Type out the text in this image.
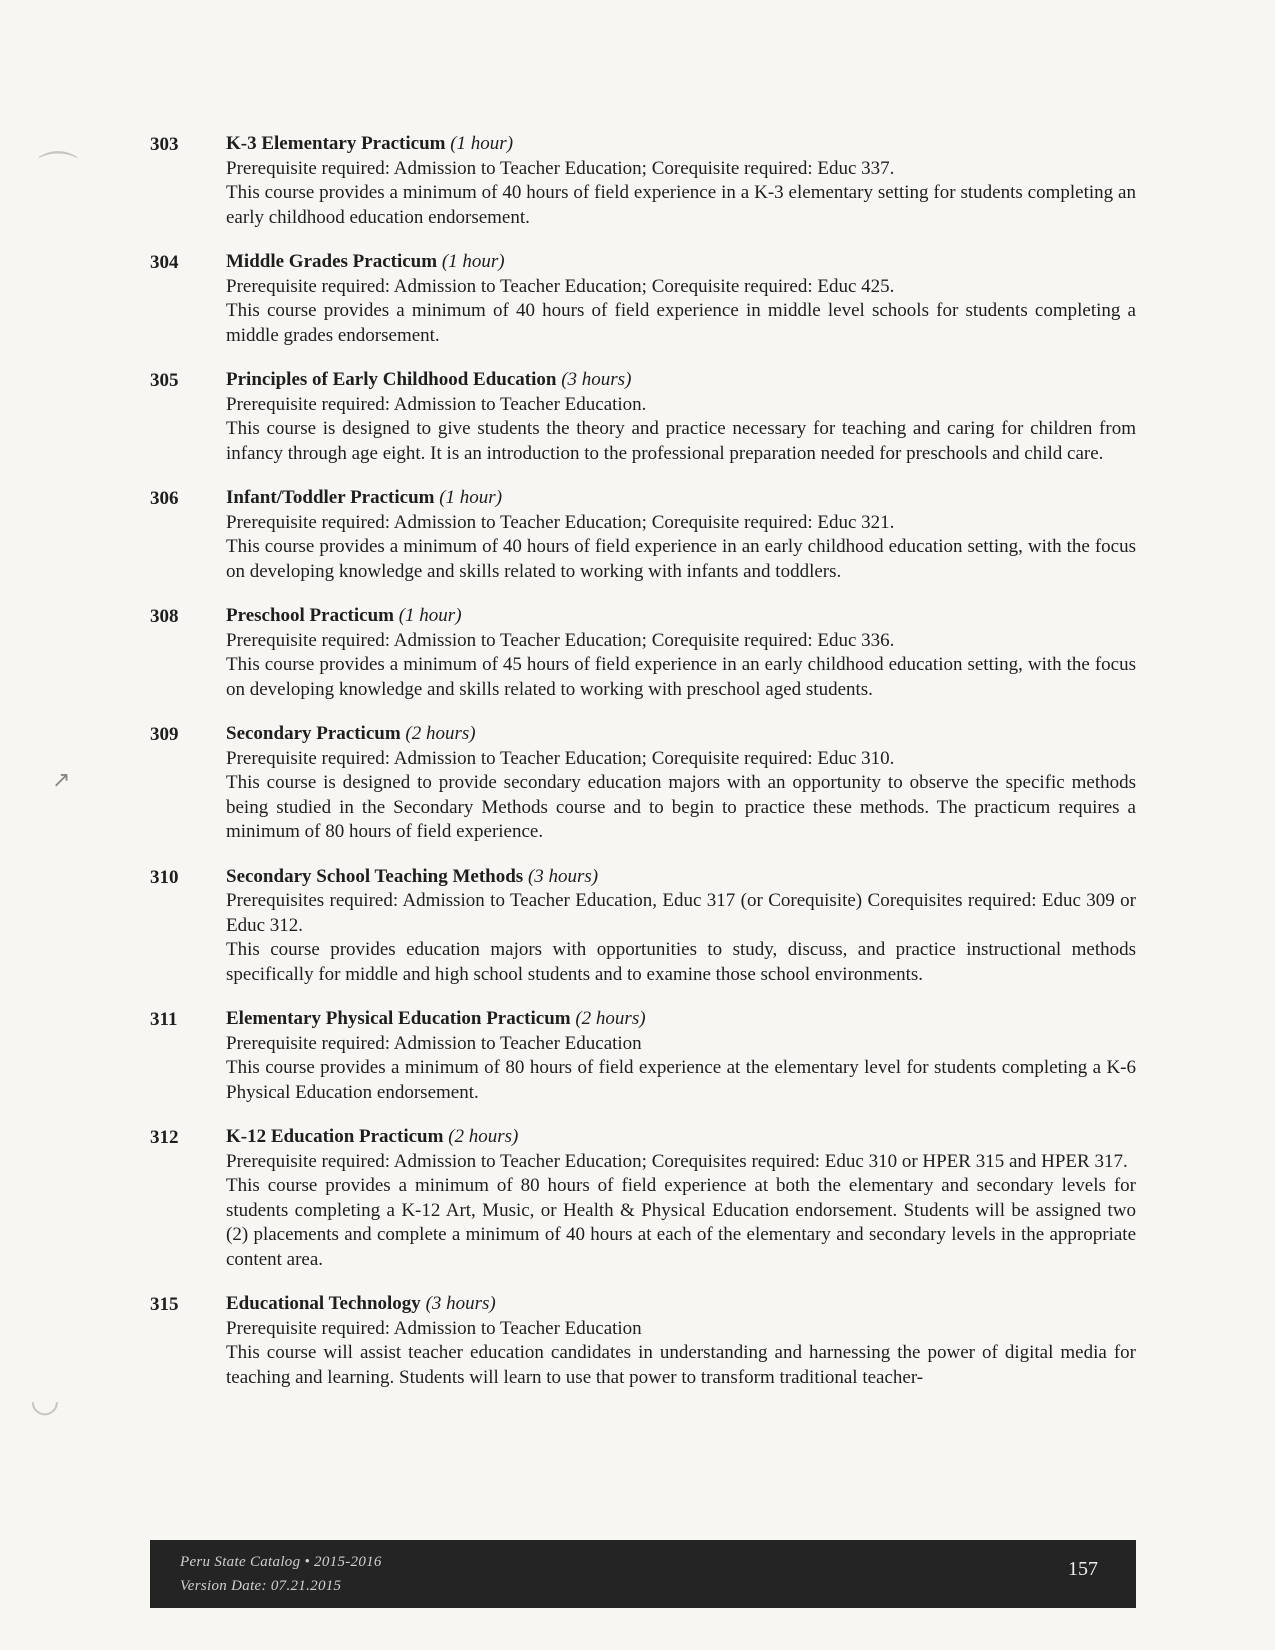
⌒
↗
◡
303	K-3 Elementary Practicum (1 hour)

Prerequisite required: Admission to Teacher Education; Corequisite required: Educ 337.

This course provides a minimum of 40 hours of field experience in a K-3 elementary setting for students completing an early childhood education endorsement.

304	Middle Grades Practicum (1 hour)

Prerequisite required: Admission to Teacher Education; Corequisite required: Educ 425.

This course provides a minimum of 40 hours of field experience in middle level schools for students completing a middle grades endorsement.

305	Principles of Early Childhood Education (3 hours)

Prerequisite required: Admission to Teacher Education.

This course is designed to give students the theory and practice necessary for teaching and caring for children from infancy through age eight. It is an introduction to the professional preparation needed for preschools and child care.

306	Infant/Toddler Practicum (1 hour)

Prerequisite required: Admission to Teacher Education; Corequisite required: Educ 321.

This course provides a minimum of 40 hours of field experience in an early childhood education setting, with the focus on developing knowledge and skills related to working with infants and toddlers.

308	Preschool Practicum (1 hour)

Prerequisite required: Admission to Teacher Education; Corequisite required: Educ 336.

This course provides a minimum of 45 hours of field experience in an early childhood education setting, with the focus on developing knowledge and skills related to working with preschool aged students.

309	Secondary Practicum (2 hours)

Prerequisite required: Admission to Teacher Education; Corequisite required: Educ 310.

This course is designed to provide secondary education majors with an opportunity to observe the specific methods being studied in the Secondary Methods course and to begin to practice these methods. The practicum requires a minimum of 80 hours of field experience.

310	Secondary School Teaching Methods (3 hours)

Prerequisites required: Admission to Teacher Education, Educ 317 (or Corequisite) Corequisites required: Educ 309 or Educ 312.

This course provides education majors with opportunities to study, discuss, and practice instructional methods specifically for middle and high school students and to examine those school environments.

311	Elementary Physical Education Practicum (2 hours)

Prerequisite required: Admission to Teacher Education

This course provides a minimum of 80 hours of field experience at the elementary level for students completing a K-6 Physical Education endorsement.

312	K-12 Education Practicum (2 hours)

Prerequisite required: Admission to Teacher Education; Corequisites required: Educ 310 or HPER 315 and HPER 317.

This course provides a minimum of 80 hours of field experience at both the elementary and secondary levels for students completing a K-12 Art, Music, or Health & Physical Education endorsement. Students will be assigned two (2) placements and complete a minimum of 40 hours at each of the elementary and secondary levels in the appropriate content area.

315	Educational Technology (3 hours)

Prerequisite required: Admission to Teacher Education

This course will assist teacher education candidates in understanding and harnessing the power of digital media for teaching and learning. Students will learn to use that power to transform traditional teacher-

Peru State Catalog • 2015-2016
Version Date: 07.21.2015
157
